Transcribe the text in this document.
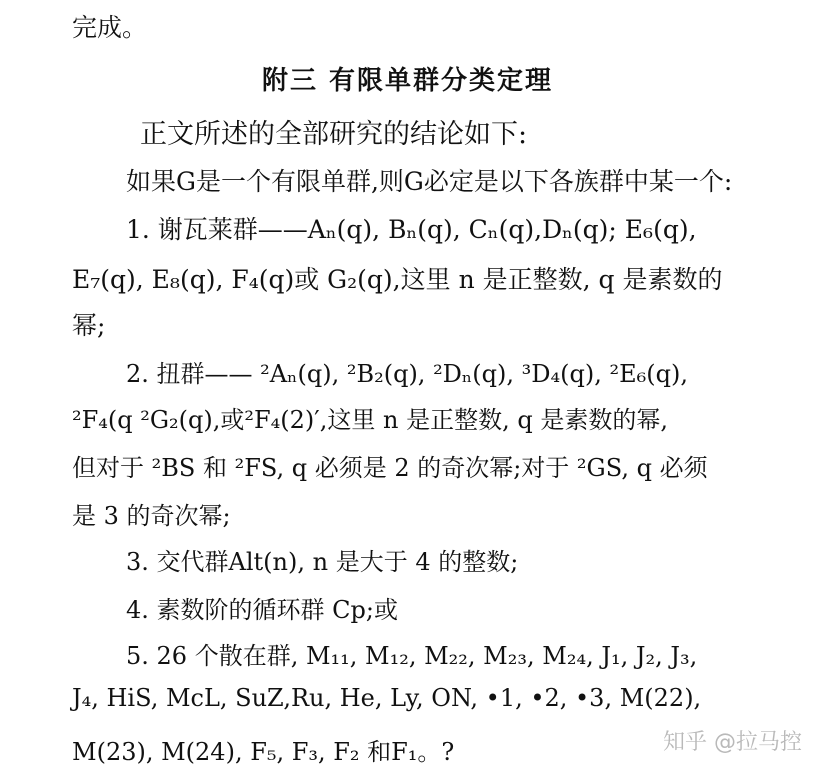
完成。
附三 有限单群分类定理
正文所述的全部研究的结论如下:
如果G是一个有限单群,则G必定是以下各族群中某一个:
1. 谢瓦莱群——Aₙ(q), Bₙ(q), Cₙ(q),Dₙ(q); E₆(q),
E₇(q), E₈(q), F₄(q)或 G₂(q),这里 n 是正整数, q 是素数的
幂;
2. 扭群—— ²Aₙ(q), ²B₂(q), ²Dₙ(q), ³D₄(q), ²E₆(q),
²F₄(q ²G₂(q),或²F₄(2)′,这里 n 是正整数, q 是素数的幂,
但对于 ²BS 和 ²FS, q 必须是 2 的奇次幂;对于 ²GS, q 必须
是 3 的奇次幂;
3. 交代群Alt(n), n 是大于 4 的整数;
4. 素数阶的循环群 Cp;或
5. 26 个散在群, M₁₁, M₁₂, M₂₂, M₂₃, M₂₄, J₁, J₂, J₃,
J₄, HiS, McL, SuZ,Ru, He, Ly, ON, •1, •2, •3, M(22),
M(23), M(24), F₅, F₃, F₂ 和F₁。?	知乎 @拉马控
